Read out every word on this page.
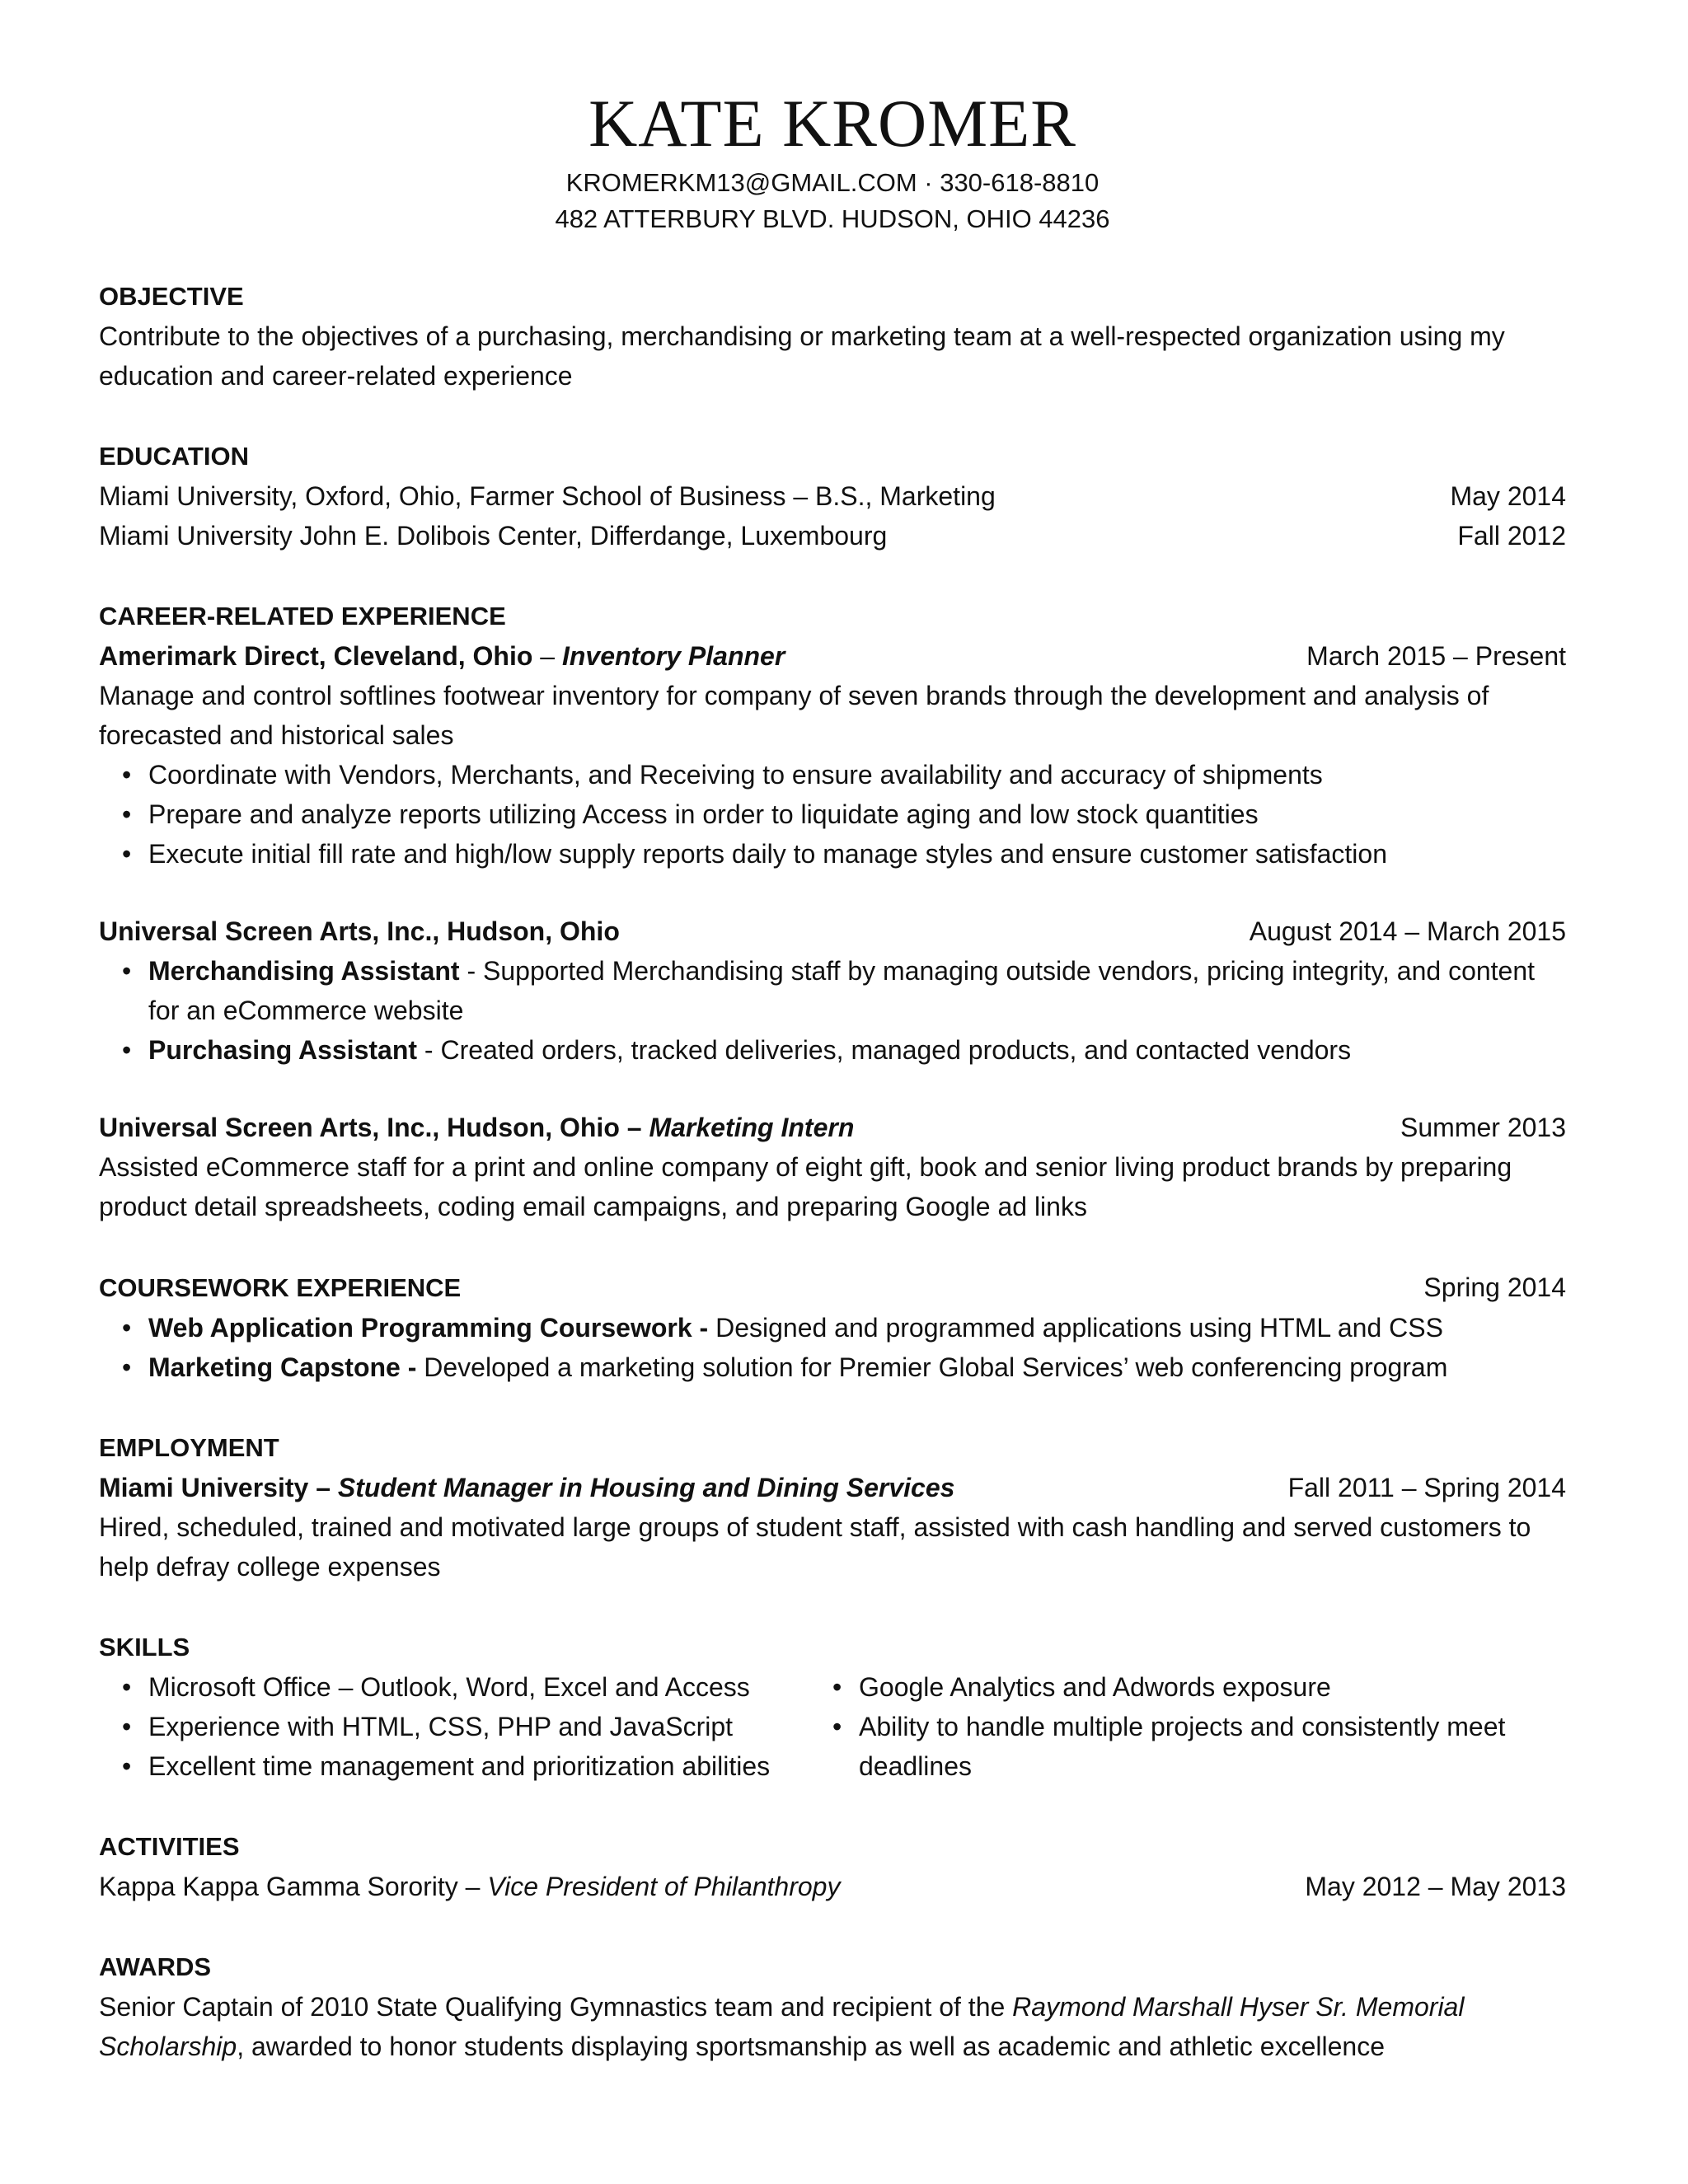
KATE KROMER

KROMERKM13@GMAIL.COM · 330-618-8810

482 ATTERBURY BLVD. HUDSON, OHIO 44236

OBJECTIVE

Contribute to the objectives of a purchasing, merchandising or marketing team at a well-respected organization using my education and career-related experience

EDUCATION

Miami University, Oxford, Ohio, Farmer School of Business – B.S., Marketing	May 2014
Miami University John E. Dolibois Center, Differdange, Luxembourg	Fall 2012

CAREER-RELATED EXPERIENCE

Amerimark Direct, Cleveland, Ohio – Inventory Planner	March 2015 – Present

Manage and control softlines footwear inventory for company of seven brands through the development and analysis of forecasted and historical sales

• Coordinate with Vendors, Merchants, and Receiving to ensure availability and accuracy of shipments
• Prepare and analyze reports utilizing Access in order to liquidate aging and low stock quantities
• Execute initial fill rate and high/low supply reports daily to manage styles and ensure customer satisfaction
Universal Screen Arts, Inc., Hudson, Ohio	August 2014 – March 2015
• Merchandising Assistant - Supported Merchandising staff by managing outside vendors, pricing integrity, and content for an eCommerce website
• Purchasing Assistant - Created orders, tracked deliveries, managed products, and contacted vendors
Universal Screen Arts, Inc., Hudson, Ohio – Marketing Intern	Summer 2013

Assisted eCommerce staff for a print and online company of eight gift, book and senior living product brands by preparing product detail spreadsheets, coding email campaigns, and preparing Google ad links

COURSEWORK EXPERIENCE	Spring 2014
• Web Application Programming Coursework - Designed and programmed applications using HTML and CSS
• Marketing Capstone - Developed a marketing solution for Premier Global Services’ web conferencing program

EMPLOYMENT

Miami University – Student Manager in Housing and Dining Services	Fall 2011 – Spring 2014

Hired, scheduled, trained and motivated large groups of student staff, assisted with cash handling and served customers to help defray college expenses

SKILLS

• Microsoft Office – Outlook, Word, Excel and Access
• Experience with HTML, CSS, PHP and JavaScript
• Excellent time management and prioritization abilities
• Google Analytics and Adwords exposure
• Ability to handle multiple projects and consistently meet deadlines

ACTIVITIES

Kappa Kappa Gamma Sorority – Vice President of Philanthropy	May 2012 – May 2013

AWARDS

Senior Captain of 2010 State Qualifying Gymnastics team and recipient of the Raymond Marshall Hyser Sr. Memorial Scholarship, awarded to honor students displaying sportsmanship as well as academic and athletic excellence
